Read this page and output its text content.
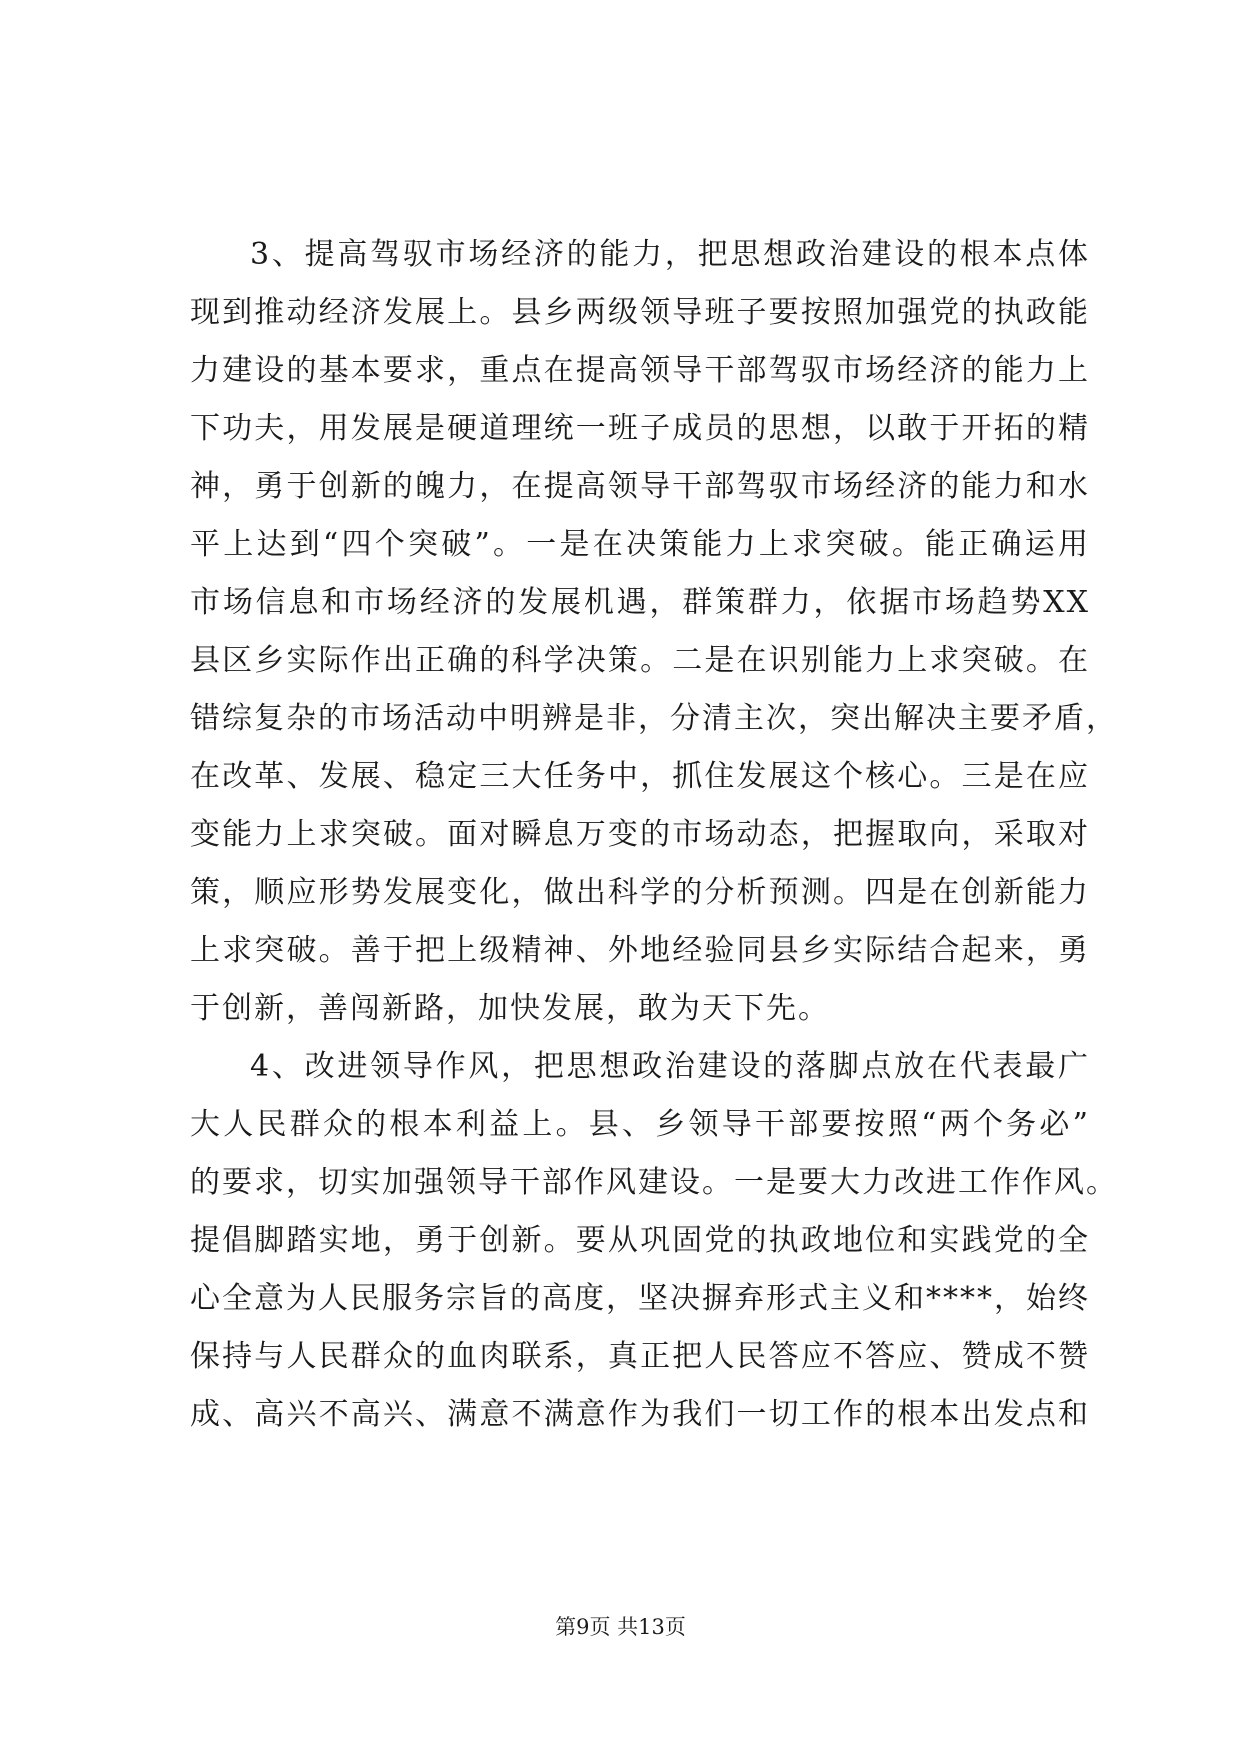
3、提高驾驭市场经济的能力，把思想政治建设的根本点体
现到推动经济发展上。县乡两级领导班子要按照加强党的执政能
力建设的基本要求，重点在提高领导干部驾驭市场经济的能力上
下功夫，用发展是硬道理统一班子成员的思想，以敢于开拓的精
神，勇于创新的魄力，在提高领导干部驾驭市场经济的能力和水
平上达到“四个突破”。一是在决策能力上求突破。能正确运用
市场信息和市场经济的发展机遇，群策群力，依据市场趋势XX
县区乡实际作出正确的科学决策。二是在识别能力上求突破。在
错综复杂的市场活动中明辨是非，分清主次，突出解决主要矛盾，
在改革、发展、稳定三大任务中，抓住发展这个核心。三是在应
变能力上求突破。面对瞬息万变的市场动态，把握取向，采取对
策，顺应形势发展变化，做出科学的分析预测。四是在创新能力
上求突破。善于把上级精神、外地经验同县乡实际结合起来，勇
于创新，善闯新路，加快发展，敢为天下先。
4、改进领导作风，把思想政治建设的落脚点放在代表最广
大人民群众的根本利益上。县、乡领导干部要按照“两个务必”
的要求，切实加强领导干部作风建设。一是要大力改进工作作风。
提倡脚踏实地，勇于创新。要从巩固党的执政地位和实践党的全
心全意为人民服务宗旨的高度，坚决摒弃形式主义和****，始终
保持与人民群众的血肉联系，真正把人民答应不答应、赞成不赞
成、高兴不高兴、满意不满意作为我们一切工作的根本出发点和
第9页 共13页
